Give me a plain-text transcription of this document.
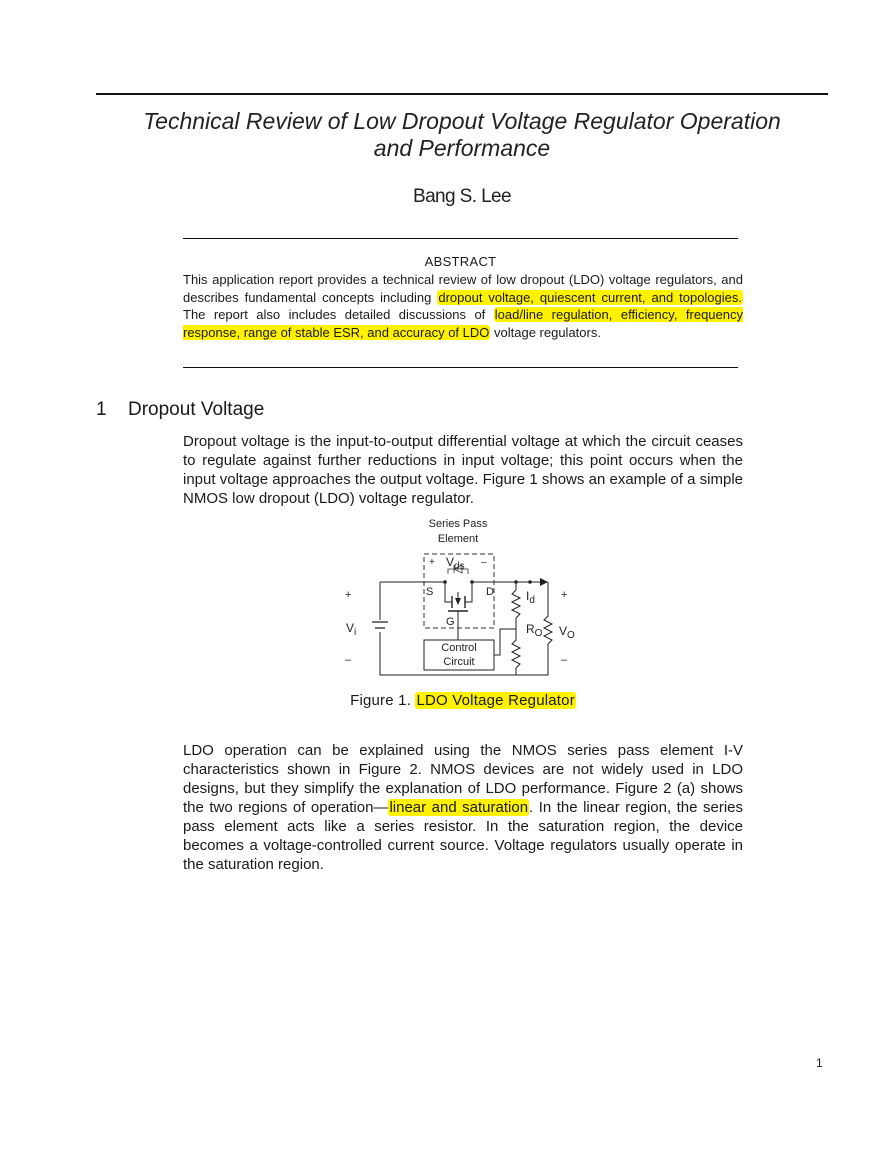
Technical Review of Low Dropout Voltage Regulator Operation
and Performance
Bang S. Lee
ABSTRACT
This application report provides a technical review of low dropout (LDO) voltage regulators, and describes fundamental concepts including dropout voltage, quiescent current, and topologies. The report also includes detailed discussions of load/line regulation, efficiency, frequency response, range of stable ESR, and accuracy of LDO voltage regulators.
1 Dropout Voltage
Dropout voltage is the input-to-output differential voltage at which the circuit ceases to regulate against further reductions in input voltage; this point occurs when the input voltage approaches the output voltage. Figure 1 shows an example of a simple NMOS low dropout (LDO) voltage regulator.
Series Pass
Element
+ $V_{ds}$ –
S	D
G
Control
Circuit
+
$V_i$
–
$I_d$
$R_O$
+
$V_O$
–
Figure 1. LDO Voltage Regulator
LDO operation can be explained using the NMOS series pass element I-V characteristics shown in Figure 2. NMOS devices are not widely used in LDO designs, but they simplify the explanation of LDO performance. Figure 2 (a) shows the two regions of operation—linear and saturation. In the linear region, the series pass element acts like a series resistor. In the saturation region, the device becomes a voltage-controlled current source. Voltage regulators usually operate in the saturation region.
1
